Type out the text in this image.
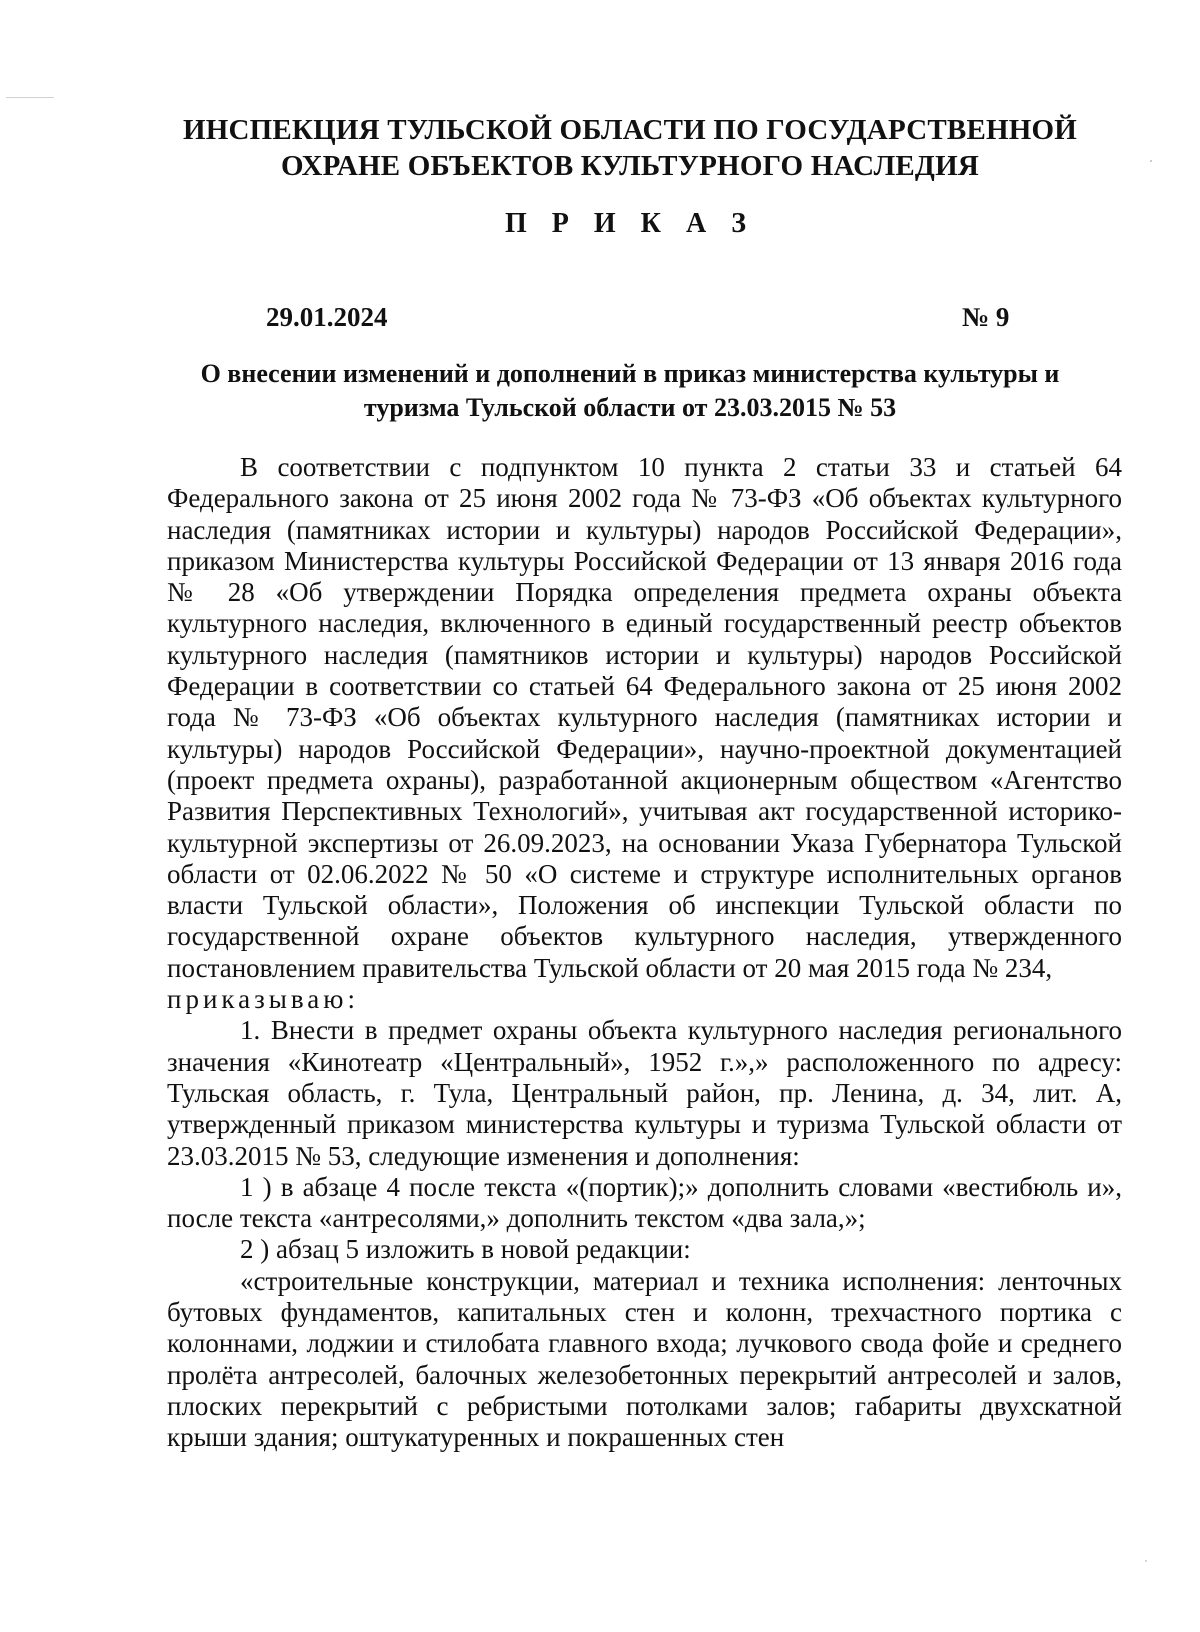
ИНСПЕКЦИЯ ТУЛЬСКОЙ ОБЛАСТИ ПО ГОСУДАРСТВЕННОЙ
ОХРАНЕ ОБЪЕКТОВ КУЛЬТУРНОГО НАСЛЕДИЯ
П Р И К А З
29.01.2024	№ 9
О внесении изменений и дополнений в приказ министерства культуры и туризма Тульской области от 23.03.2015 № 53

В соответствии с подпунктом 10 пункта 2 статьи 33 и статьей 64 Федерального закона от 25 июня 2002 года № 73-ФЗ «Об объектах культурного наследия (памятниках истории и культуры) народов Российской Федерации», приказом Министерства культуры Российской Федерации от 13 января 2016 года № 28 «Об утверждении Порядка определения предмета охраны объекта культурного наследия, включенного в единый государственный реестр объектов культурного наследия (памятников истории и культуры) народов Российской Федерации в соответствии со статьей 64 Федерального закона от 25 июня 2002 года № 73-ФЗ «Об объектах культурного наследия (памятниках истории и культуры) народов Российской Федерации», научно-проектной документацией (проект предмета охраны), разработанной акционерным обществом «Агентство Развития Перспективных Технологий», учитывая акт государственной историко-культурной экспертизы от 26.09.2023, на основании Указа Губернатора Тульской области от 02.06.2022 № 50 «О системе и структуре исполнительных органов власти Тульской области», Положения об инспекции Тульской области по государственной охране объектов культурного наследия, утвержденного постановлением правительства Тульской области от 20 мая 2015 года № 234,

приказываю:

1. Внести в предмет охраны объекта культурного наследия регионального значения «Кинотеатр «Центральный», 1952 г.»,» расположенного по адресу: Тульская область, г. Тула, Центральный район, пр. Ленина, д. 34, лит. А, утвержденный приказом министерства культуры и туризма Тульской области от 23.03.2015 № 53, следующие изменения и дополнения:

1 ) в абзаце 4 после текста «(портик);» дополнить словами «вестибюль и», после текста «антресолями,» дополнить текстом «два зала,»;

2 ) абзац 5 изложить в новой редакции:

«строительные конструкции, материал и техника исполнения: ленточных бутовых фундаментов, капитальных стен и колонн, трехчастного портика с колоннами, лоджии и стилобата главного входа; лучкового свода фойе и среднего пролёта антресолей, балочных железобетонных перекрытий антресолей и залов, плоских перекрытий с ребристыми потолками залов; габариты двухскатной крыши здания; оштукатуренных и покрашенных стен
